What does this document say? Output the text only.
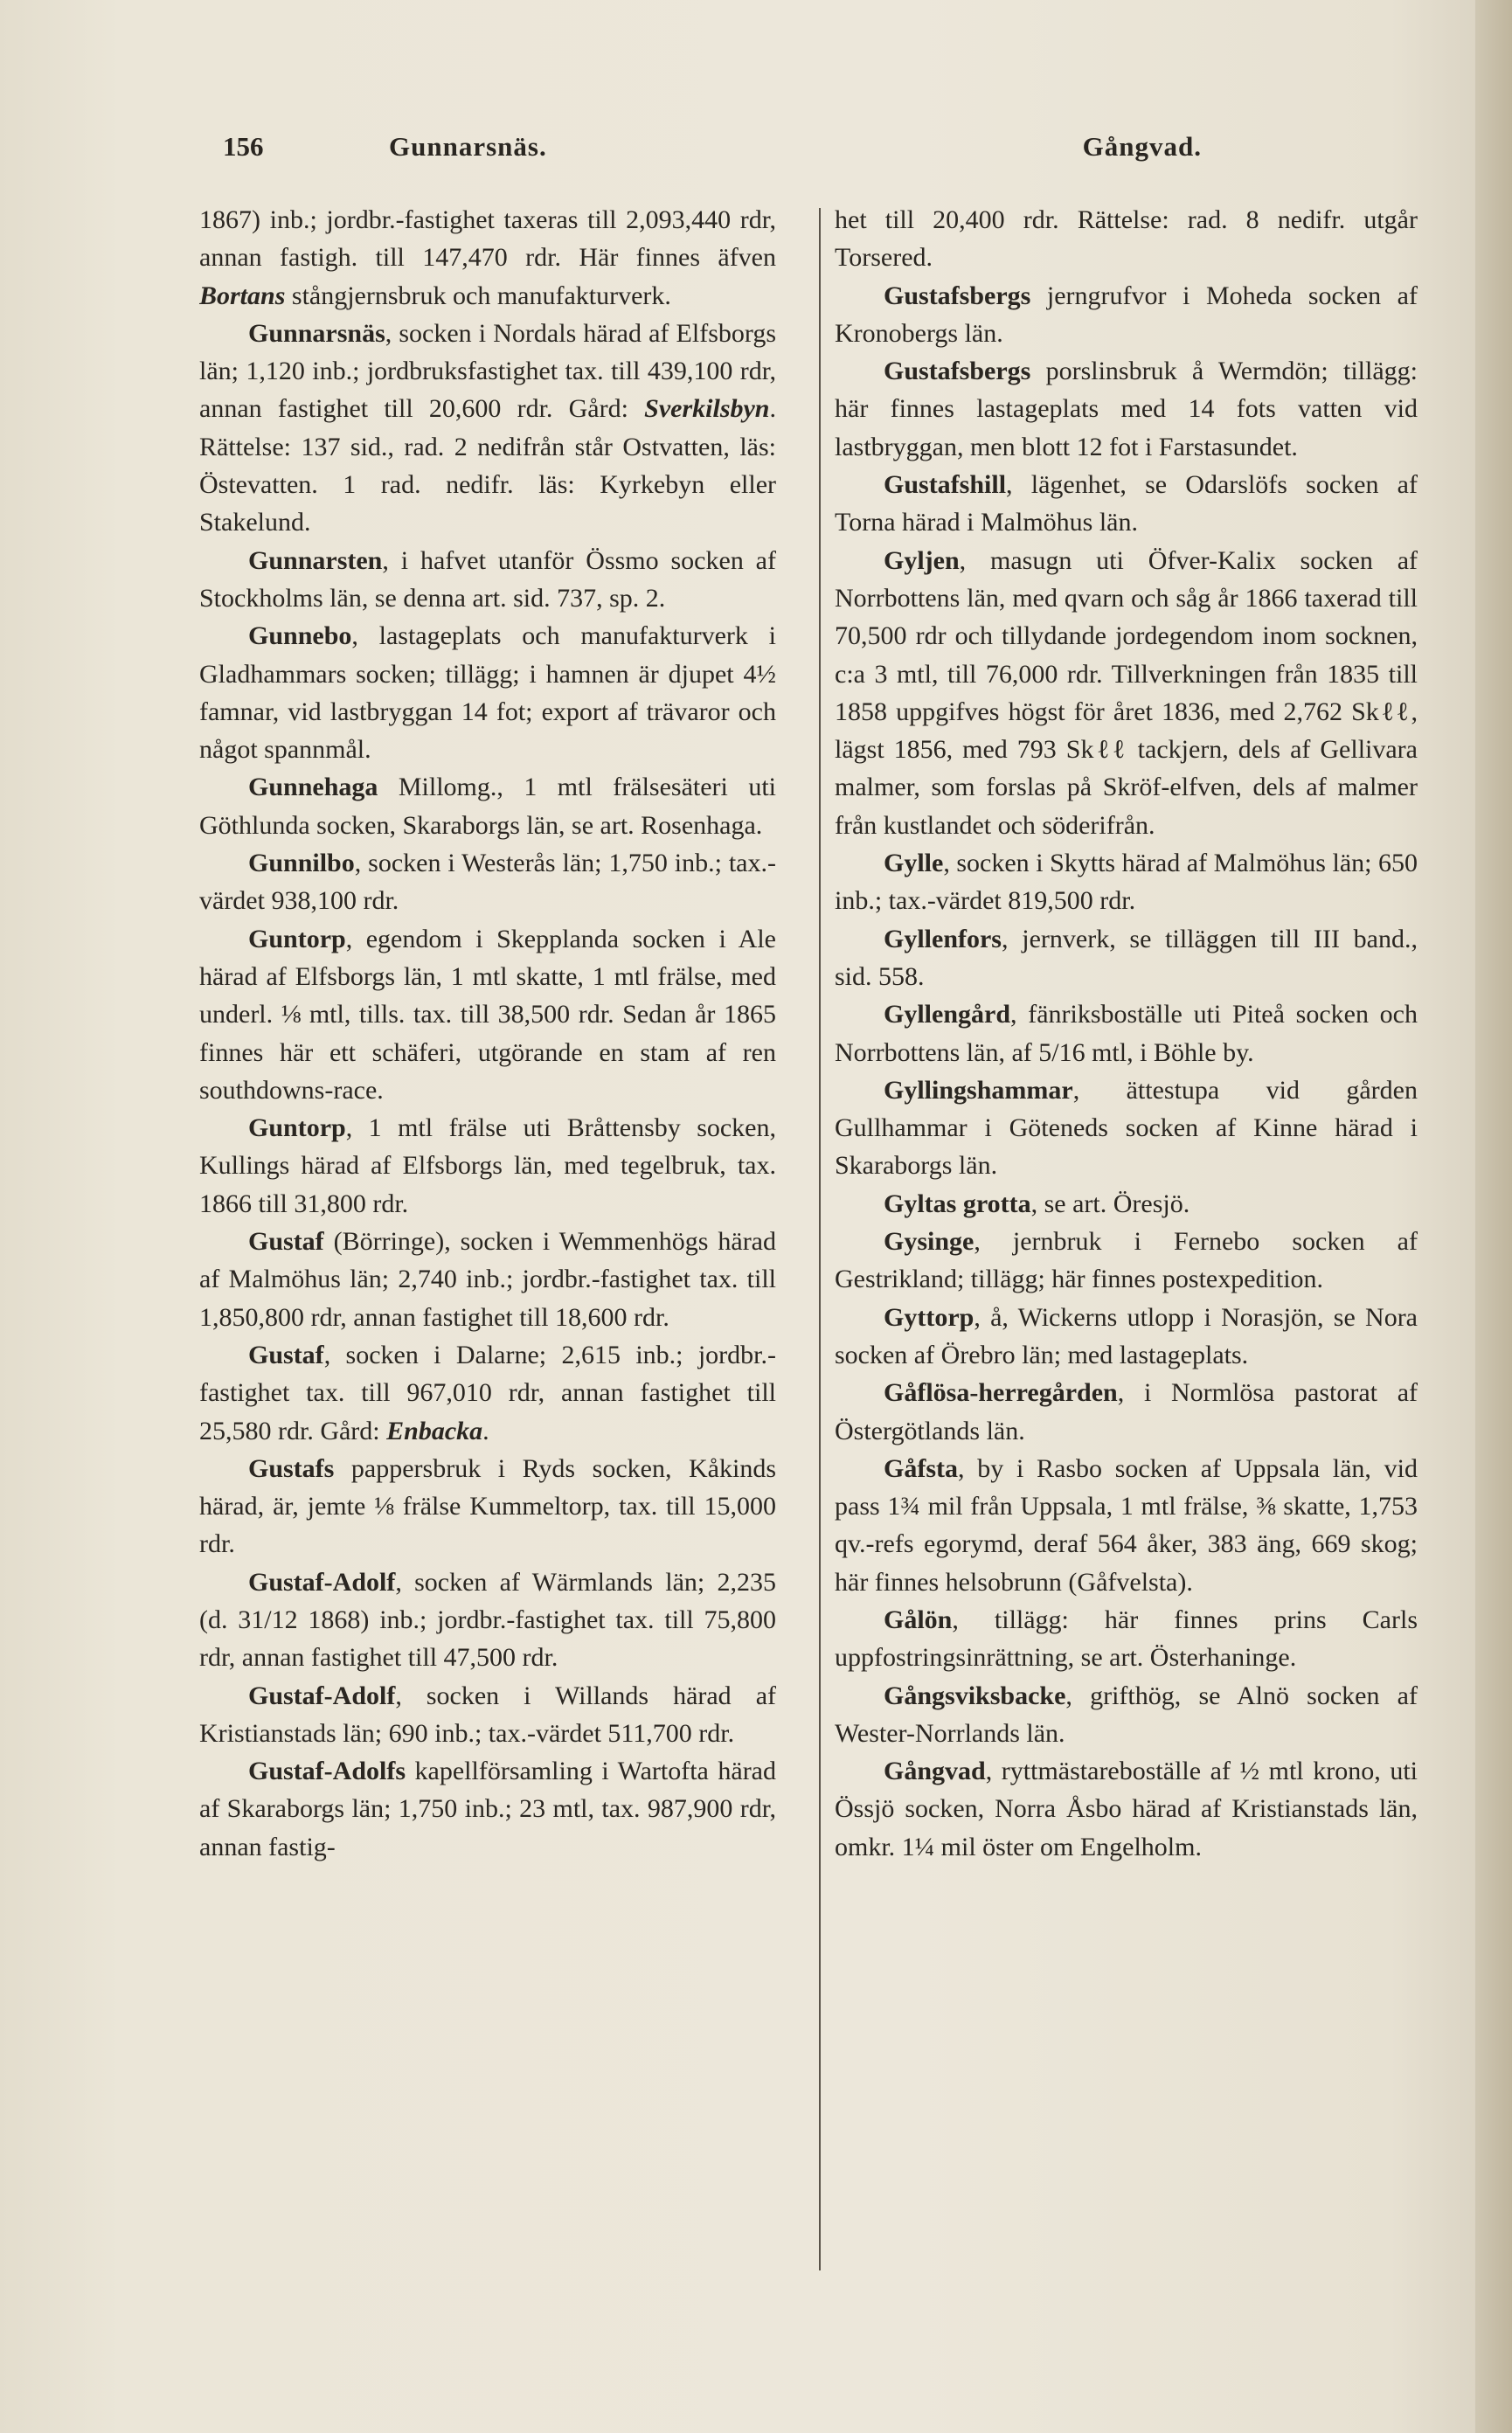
156	Gunnarsnäs.	Gångvad.

1867) inb.; jordbr.-fastighet taxeras till 2,093,440 rdr, annan fastigh. till 147,470 rdr. Här finnes äfven Bortans stångjernsbruk och manufakturverk.

Gunnarsnäs, socken i Nordals härad af Elfsborgs län; 1,120 inb.; jordbruksfastighet tax. till 439,100 rdr, annan fastighet till 20,600 rdr. Gård: Sverkilsbyn. Rättelse: 137 sid., rad. 2 nedifrån står Ostvatten, läs: Östevatten. 1 rad. nedifr. läs: Kyrkebyn eller Stakelund.

Gunnarsten, i hafvet utanför Össmo socken af Stockholms län, se denna art. sid. 737, sp. 2.

Gunnebo, lastageplats och manufakturverk i Gladhammars socken; tillägg; i hamnen är djupet 4½ famnar, vid lastbryggan 14 fot; export af trävaror och något spannmål.

Gunnehaga Millomg., 1 mtl frälsesäteri uti Göthlunda socken, Skaraborgs län, se art. Rosenhaga.

Gunnilbo, socken i Westerås län; 1,750 inb.; tax.-värdet 938,100 rdr.

Guntorp, egendom i Skepplanda socken i Ale härad af Elfsborgs län, 1 mtl skatte, 1 mtl frälse, med underl. ⅛ mtl, tills. tax. till 38,500 rdr. Sedan år 1865 finnes här ett schäferi, utgörande en stam af ren southdowns-race.

Guntorp, 1 mtl frälse uti Bråttensby socken, Kullings härad af Elfsborgs län, med tegelbruk, tax. 1866 till 31,800 rdr.

Gustaf (Börringe), socken i Wemmenhögs härad af Malmöhus län; 2,740 inb.; jordbr.-fastighet tax. till 1,850,800 rdr, annan fastighet till 18,600 rdr.

Gustaf, socken i Dalarne; 2,615 inb.; jordbr.-fastighet tax. till 967,010 rdr, annan fastighet till 25,580 rdr. Gård: Enbacka.

Gustafs pappersbruk i Ryds socken, Kåkinds härad, är, jemte ⅛ frälse Kummeltorp, tax. till 15,000 rdr.

Gustaf-Adolf, socken af Wärmlands län; 2,235 (d. 31/12 1868) inb.; jordbr.-fastighet tax. till 75,800 rdr, annan fastighet till 47,500 rdr.

Gustaf-Adolf, socken i Willands härad af Kristianstads län; 690 inb.; tax.-värdet 511,700 rdr.

Gustaf-Adolfs kapellförsamling i Wartofta härad af Skaraborgs län; 1,750 inb.; 23 mtl, tax. 987,900 rdr, annan fastig-

het till 20,400 rdr. Rättelse: rad. 8 nedifr. utgår Torsered.

Gustafsbergs jerngrufvor i Moheda socken af Kronobergs län.

Gustafsbergs porslinsbruk å Wermdön; tillägg: här finnes lastageplats med 14 fots vatten vid lastbryggan, men blott 12 fot i Farstasundet.

Gustafshill, lägenhet, se Odarslöfs socken af Torna härad i Malmöhus län.

Gyljen, masugn uti Öfver-Kalix socken af Norrbottens län, med qvarn och såg år 1866 taxerad till 70,500 rdr och tillydande jordegendom inom socknen, c:a 3 mtl, till 76,000 rdr. Tillverkningen från 1835 till 1858 uppgifves högst för året 1836, med 2,762 Skℓℓ, lägst 1856, med 793 Skℓℓ tackjern, dels af Gellivara malmer, som forslas på Skröf-elfven, dels af malmer från kustlandet och söderifrån.

Gylle, socken i Skytts härad af Malmöhus län; 650 inb.; tax.-värdet 819,500 rdr.

Gyllenfors, jernverk, se tilläggen till III band., sid. 558.

Gyllengård, fänriksboställe uti Piteå socken och Norrbottens län, af 5/16 mtl, i Böhle by.

Gyllingshammar, ättestupa vid gården Gullhammar i Göteneds socken af Kinne härad i Skaraborgs län.

Gyltas grotta, se art. Öresjö.

Gysinge, jernbruk i Fernebo socken af Gestrikland; tillägg; här finnes postexpedition.

Gyttorp, å, Wickerns utlopp i Norasjön, se Nora socken af Örebro län; med lastageplats.

Gåflösa-herregården, i Normlösa pastorat af Östergötlands län.

Gåfsta, by i Rasbo socken af Uppsala län, vid pass 1¾ mil från Uppsala, 1 mtl frälse, ⅜ skatte, 1,753 qv.-refs egorymd, deraf 564 åker, 383 äng, 669 skog; här finnes helsobrunn (Gåfvelsta).

Gålön, tillägg: här finnes prins Carls uppfostringsinrättning, se art. Österhaninge.

Gångsviksbacke, grifthög, se Alnö socken af Wester-Norrlands län.

Gångvad, ryttmästareboställe af ½ mtl krono, uti Össjö socken, Norra Åsbo härad af Kristianstads län, omkr. 1¼ mil öster om Engelholm.
